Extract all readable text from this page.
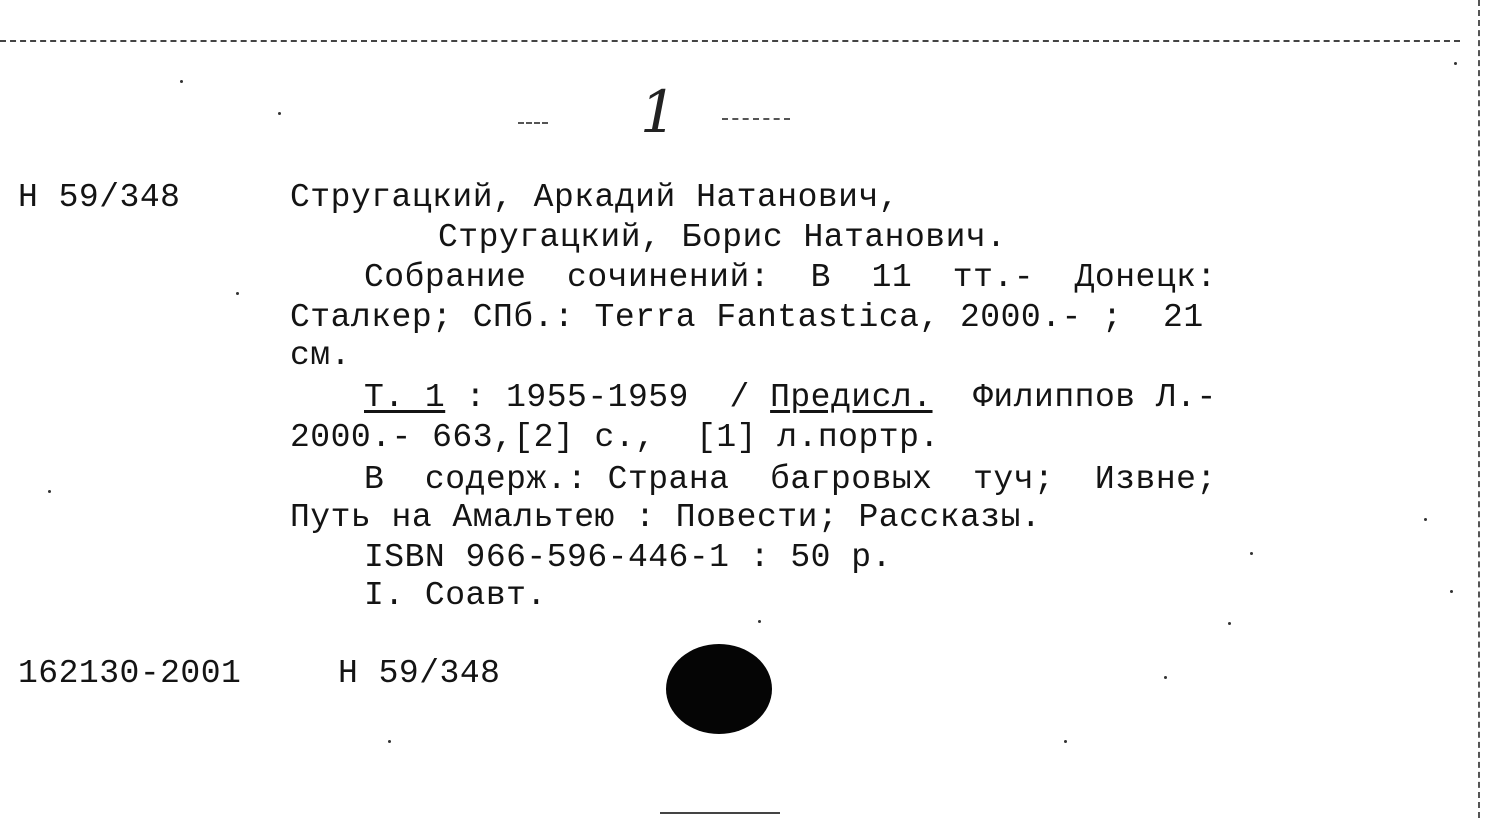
1
Н 59/348	Стругацкий, Аркадий Натанович,
Стругацкий, Борис Натанович.
Собрание  сочинений:  В  11  тт.-  Донецк:
Сталкер; СПб.: Terra Fantastica, 2000.- ;  21
см.
Т. 1 : 1955-1959  / Предисл.  Филиппов Л.-
2000.- 663,[2] с.,  [1] л.портр.
В  содерж.: Страна  багровых  туч;  Извне;
Путь на Амальтею : Повести; Рассказы.
ISBN 966-596-446-1 : 50 р.
I. Соавт.
162130-2001	Н 59/348
